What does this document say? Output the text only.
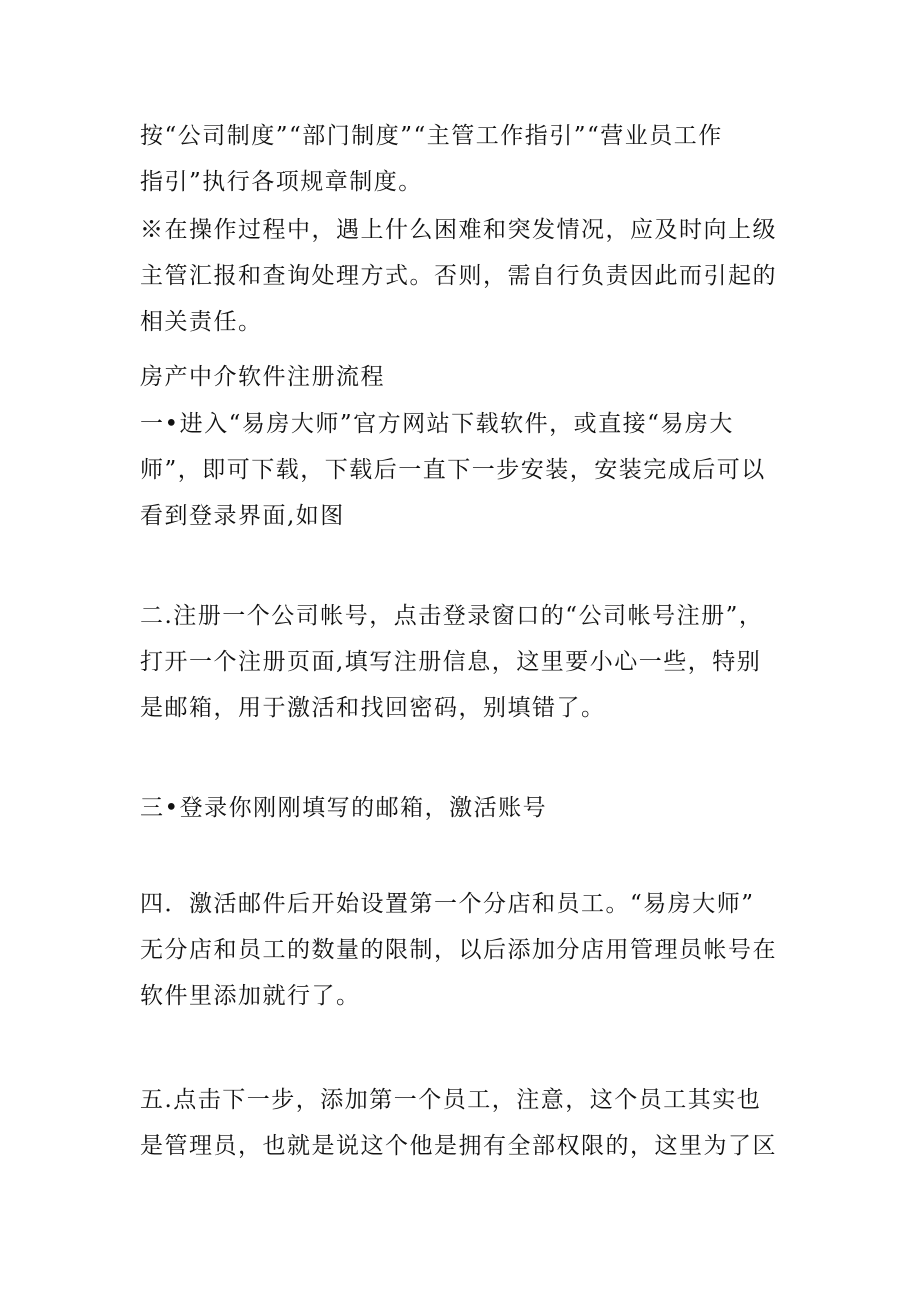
按“公司制度”“部门制度”“主管工作指引”“营业员工作
指引”执行各项规章制度。
※在操作过程中，遇上什么困难和突发情况，应及时向上级
主管汇报和查询处理方式。否则，需自行负责因此而引起的
相关责任。
房产中介软件注册流程
一•进入“易房大师”官方网站下载软件，或直接“易房大
师”，即可下载，下载后一直下一步安装，安装完成后可以
看到登录界面,如图
二.注册一个公司帐号，点击登录窗口的“公司帐号注册”，
打开一个注册页面,填写注册信息，这里要小心一些，特别
是邮箱，用于激活和找回密码，别填错了。
三•登录你刚刚填写的邮箱，激活账号
四．激活邮件后开始设置第一个分店和员工。“易房大师”
无分店和员工的数量的限制，以后添加分店用管理员帐号在
软件里添加就行了。
五.点击下一步，添加第一个员工，注意，这个员工其实也
是管理员，也就是说这个他是拥有全部权限的，这里为了区
